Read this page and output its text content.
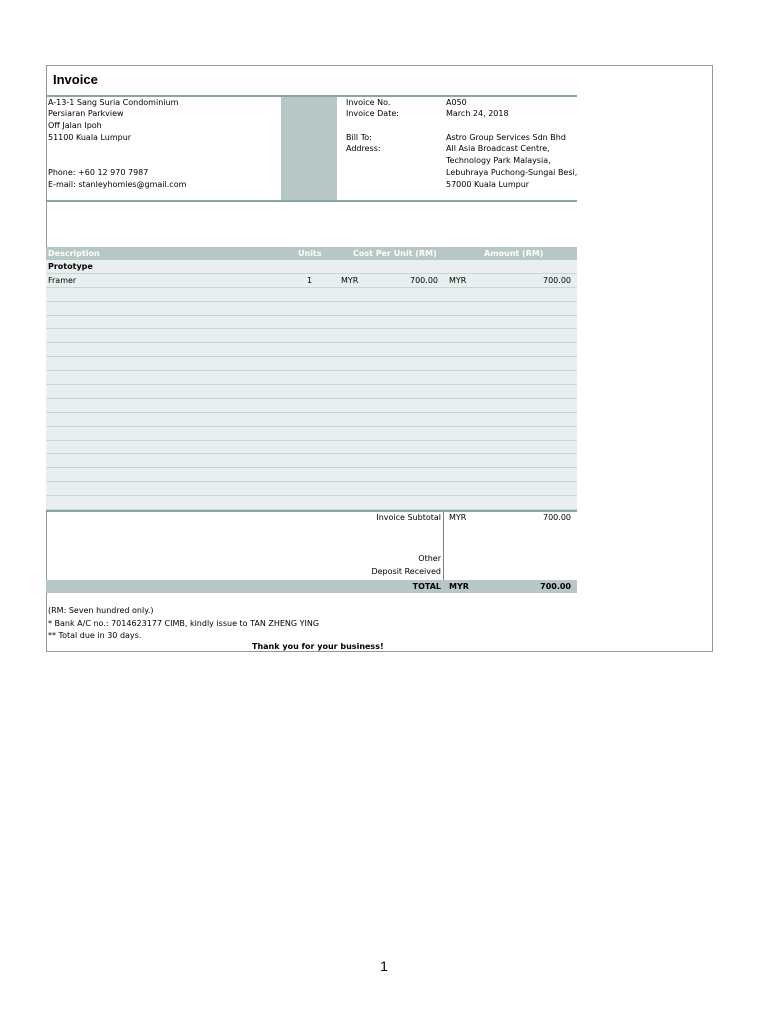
Invoice
A-13-1 Sang Suria Condominium
Persiaran Parkview
Off Jalan Ipoh
51100 Kuala Lumpur
Phone: +60 12 970 7987
E-mail: stanleyhomies@gmail.com
Invoice No.	A050
Invoice Date:	March 24, 2018
Bill To:	Astro Group Services Sdn Bhd
Address:	All Asia Broadcast Centre,
Technology Park Malaysia,
Lebuhraya Puchong-Sungai Besi,
57000 Kuala Lumpur
Description	Units	Cost Per Unit (RM)	Amount (RM)
Prototype
Framer	1	MYR	700.00 MYR	700.00
Invoice Subtotal MYR	700.00
Other
Deposit Received
TOTAL MYR	700.00
(RM: Seven hundred only.)
* Bank A/C no.: 7014623177 CIMB, kindly issue to TAN ZHENG YING
** Total due in 30 days.
Thank you for your business!
1
